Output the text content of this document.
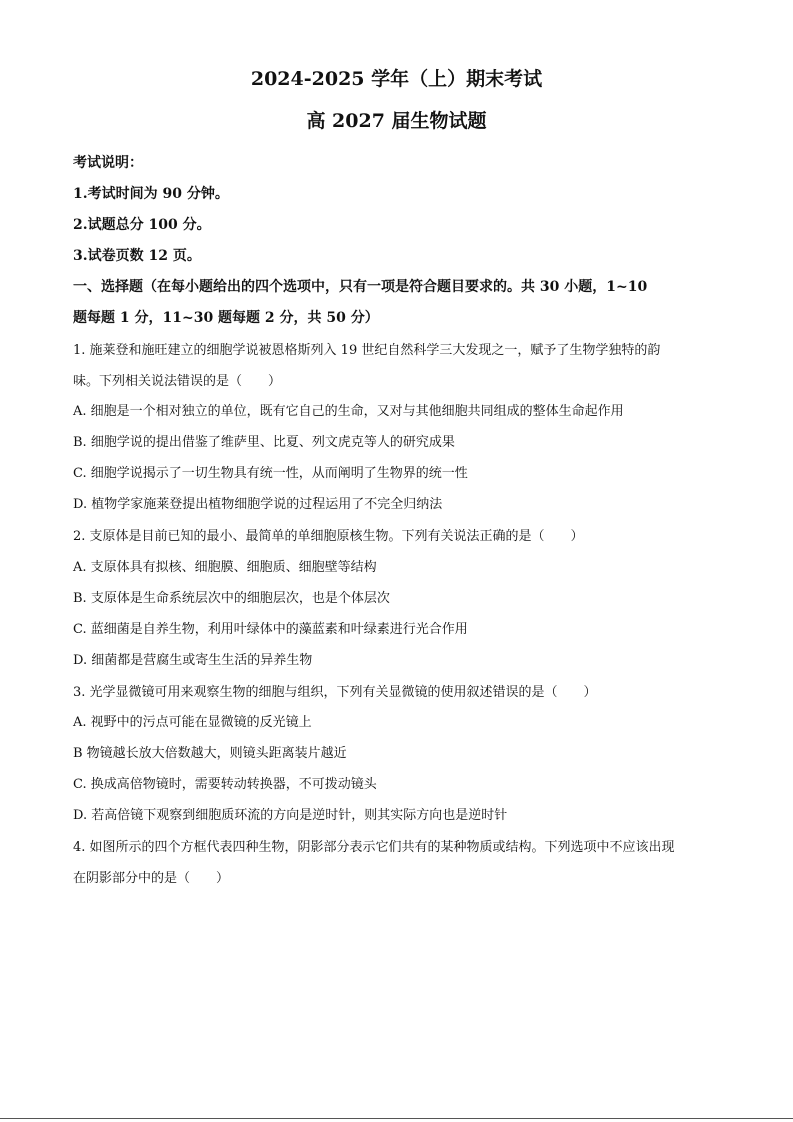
2024-2025 学年（上）期末考试
高 2027 届生物试题
考试说明：
1.考试时间为 90 分钟。
2.试题总分 100 分。
3.试卷页数 12 页。
一、选择题（在每小题给出的四个选项中，只有一项是符合题目要求的。共 30 小题，1~10
题每题 1 分，11~30 题每题 2 分，共 50 分）
1. 施莱登和施旺建立的细胞学说被恩格斯列入 19 世纪自然科学三大发现之一，赋予了生物学独特的韵
味。下列相关说法错误的是（　　）
A. 细胞是一个相对独立的单位，既有它自己的生命，又对与其他细胞共同组成的整体生命起作用
B. 细胞学说的提出借鉴了维萨里、比夏、列文虎克等人的研究成果
C. 细胞学说揭示了一切生物具有统一性，从而阐明了生物界的统一性
D. 植物学家施莱登提出植物细胞学说的过程运用了不完全归纳法
2. 支原体是目前已知的最小、最简单的单细胞原核生物。下列有关说法正确的是（　　）
A. 支原体具有拟核、细胞膜、细胞质、细胞壁等结构
B. 支原体是生命系统层次中的细胞层次，也是个体层次
C. 蓝细菌是自养生物，利用叶绿体中的藻蓝素和叶绿素进行光合作用
D. 细菌都是营腐生或寄生生活的异养生物
3. 光学显微镜可用来观察生物的细胞与组织，下列有关显微镜的使用叙述错误的是（　　）
A. 视野中的污点可能在显微镜的反光镜上
B 物镜越长放大倍数越大，则镜头距离装片越近
C. 换成高倍物镜时，需要转动转换器，不可拨动镜头
D. 若高倍镜下观察到细胞质环流的方向是逆时针，则其实际方向也是逆时针
4. 如图所示的四个方框代表四种生物，阴影部分表示它们共有的某种物质或结构。下列选项中不应该出现
在阴影部分中的是（　　）
